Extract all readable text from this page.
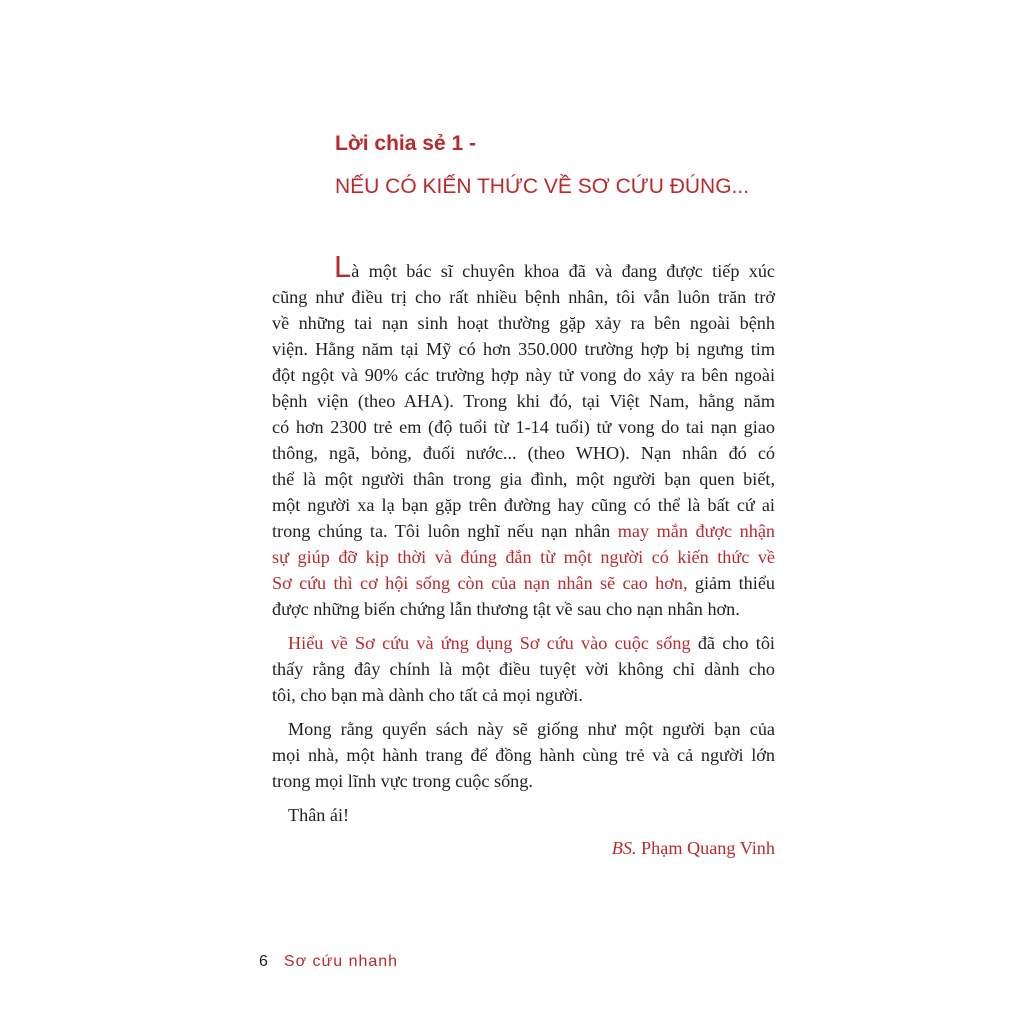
Lời chia sẻ 1 -
NẾU CÓ KIẾN THỨC VỀ SƠ CỨU ĐÚNG...

Là một bác sĩ chuyên khoa đã và đang được tiếp xúc
cũng như điều trị cho rất nhiều bệnh nhân, tôi vẫn luôn trăn trở
về những tai nạn sinh hoạt thường gặp xảy ra bên ngoài bệnh
viện. Hằng năm tại Mỹ có hơn 350.000 trường hợp bị ngưng tim
đột ngột và 90% các trường hợp này tử vong do xảy ra bên ngoài
bệnh viện (theo AHA). Trong khi đó, tại Việt Nam, hằng năm
có hơn 2300 trẻ em (độ tuổi từ 1-14 tuổi) tử vong do tai nạn giao
thông, ngã, bỏng, đuối nước... (theo WHO). Nạn nhân đó có
thể là một người thân trong gia đình, một người bạn quen biết,
một người xa lạ bạn gặp trên đường hay cũng có thể là bất cứ ai
trong chúng ta. Tôi luôn nghĩ nếu nạn nhân may mắn được nhận
sự giúp đỡ kịp thời và đúng đắn từ một người có kiến thức về
Sơ cứu thì cơ hội sống còn của nạn nhân sẽ cao hơn, giảm thiểu
được những biến chứng lẫn thương tật về sau cho nạn nhân hơn.

Hiểu về Sơ cứu và ứng dụng Sơ cứu vào cuộc sống đã cho tôi
thấy rằng đây chính là một điều tuyệt vời không chỉ dành cho
tôi, cho bạn mà dành cho tất cả mọi người.

Mong rằng quyển sách này sẽ giống như một người bạn của
mọi nhà, một hành trang để đồng hành cùng trẻ và cả người lớn
trong mọi lĩnh vực trong cuộc sống.

Thân ái!
BS. Phạm Quang Vinh
6 Sơ cứu nhanh
